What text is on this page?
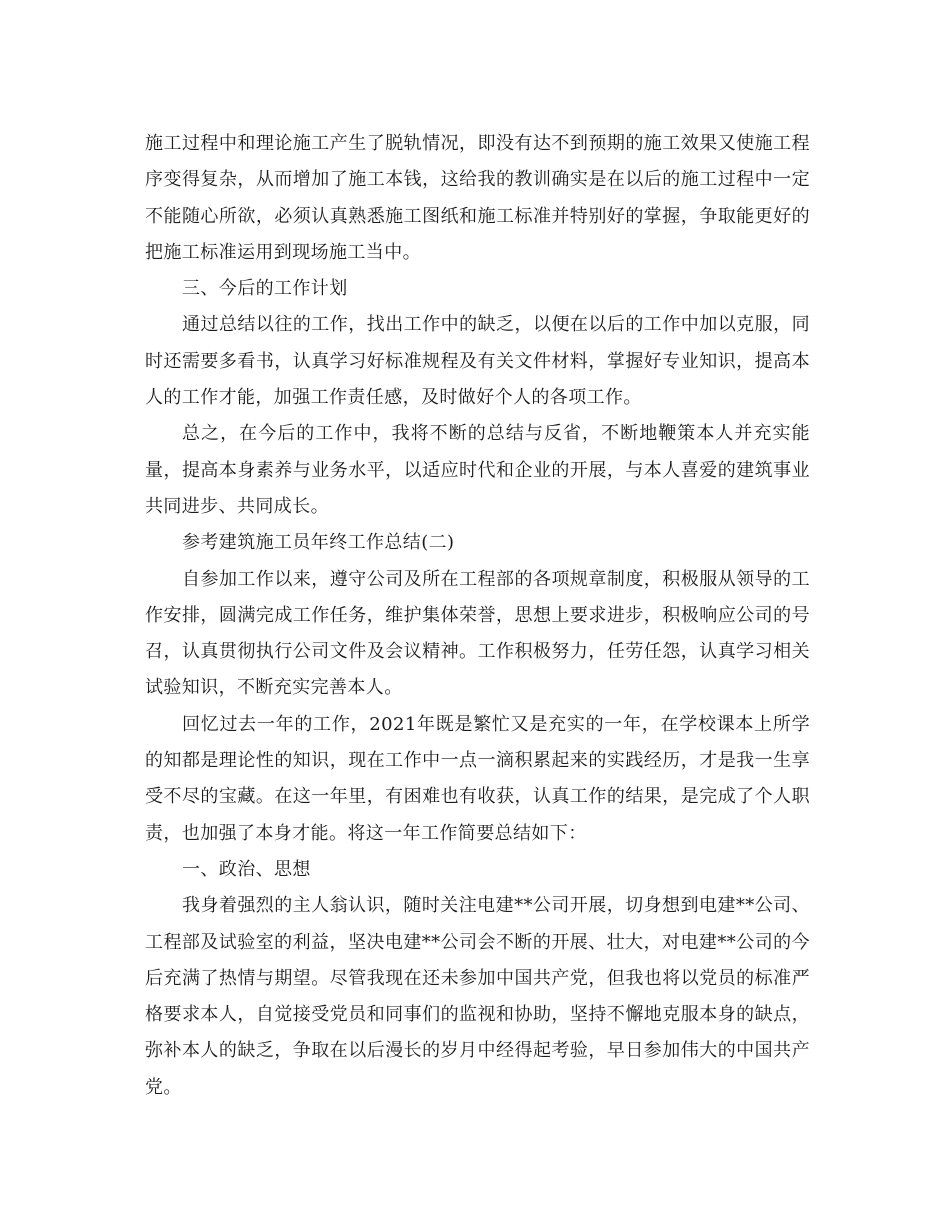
施工过程中和理论施工产生了脱轨情况，即没有达不到预期的施工效果又使施工程序变得复杂，从而增加了施工本钱，这给我的教训确实是在以后的施工过程中一定不能随心所欲，必须认真熟悉施工图纸和施工标准并特别好的掌握，争取能更好的把施工标准运用到现场施工当中。

三、今后的工作计划

通过总结以往的工作，找出工作中的缺乏，以便在以后的工作中加以克服，同时还需要多看书，认真学习好标准规程及有关文件材料，掌握好专业知识，提高本人的工作才能，加强工作责任感，及时做好个人的各项工作。

总之，在今后的工作中，我将不断的总结与反省，不断地鞭策本人并充实能量，提高本身素养与业务水平，以适应时代和企业的开展，与本人喜爱的建筑事业共同进步、共同成长。

参考建筑施工员年终工作总结(二)

自参加工作以来，遵守公司及所在工程部的各项规章制度，积极服从领导的工作安排，圆满完成工作任务，维护集体荣誉，思想上要求进步，积极响应公司的号召，认真贯彻执行公司文件及会议精神。工作积极努力，任劳任怨，认真学习相关试验知识，不断充实完善本人。

回忆过去一年的工作，2021年既是繁忙又是充实的一年，在学校课本上所学的知都是理论性的知识，现在工作中一点一滴积累起来的实践经历，才是我一生享受不尽的宝藏。在这一年里，有困难也有收获，认真工作的结果，是完成了个人职责，也加强了本身才能。将这一年工作简要总结如下：

一、政治、思想

我身着强烈的主人翁认识，随时关注电建**公司开展，切身想到电建**公司、工程部及试验室的利益，坚决电建**公司会不断的开展、壮大，对电建**公司的今后充满了热情与期望。尽管我现在还未参加中国共产党，但我也将以党员的标准严格要求本人，自觉接受党员和同事们的监视和协助，坚持不懈地克服本身的缺点，弥补本人的缺乏，争取在以后漫长的岁月中经得起考验，早日参加伟大的中国共产党。
